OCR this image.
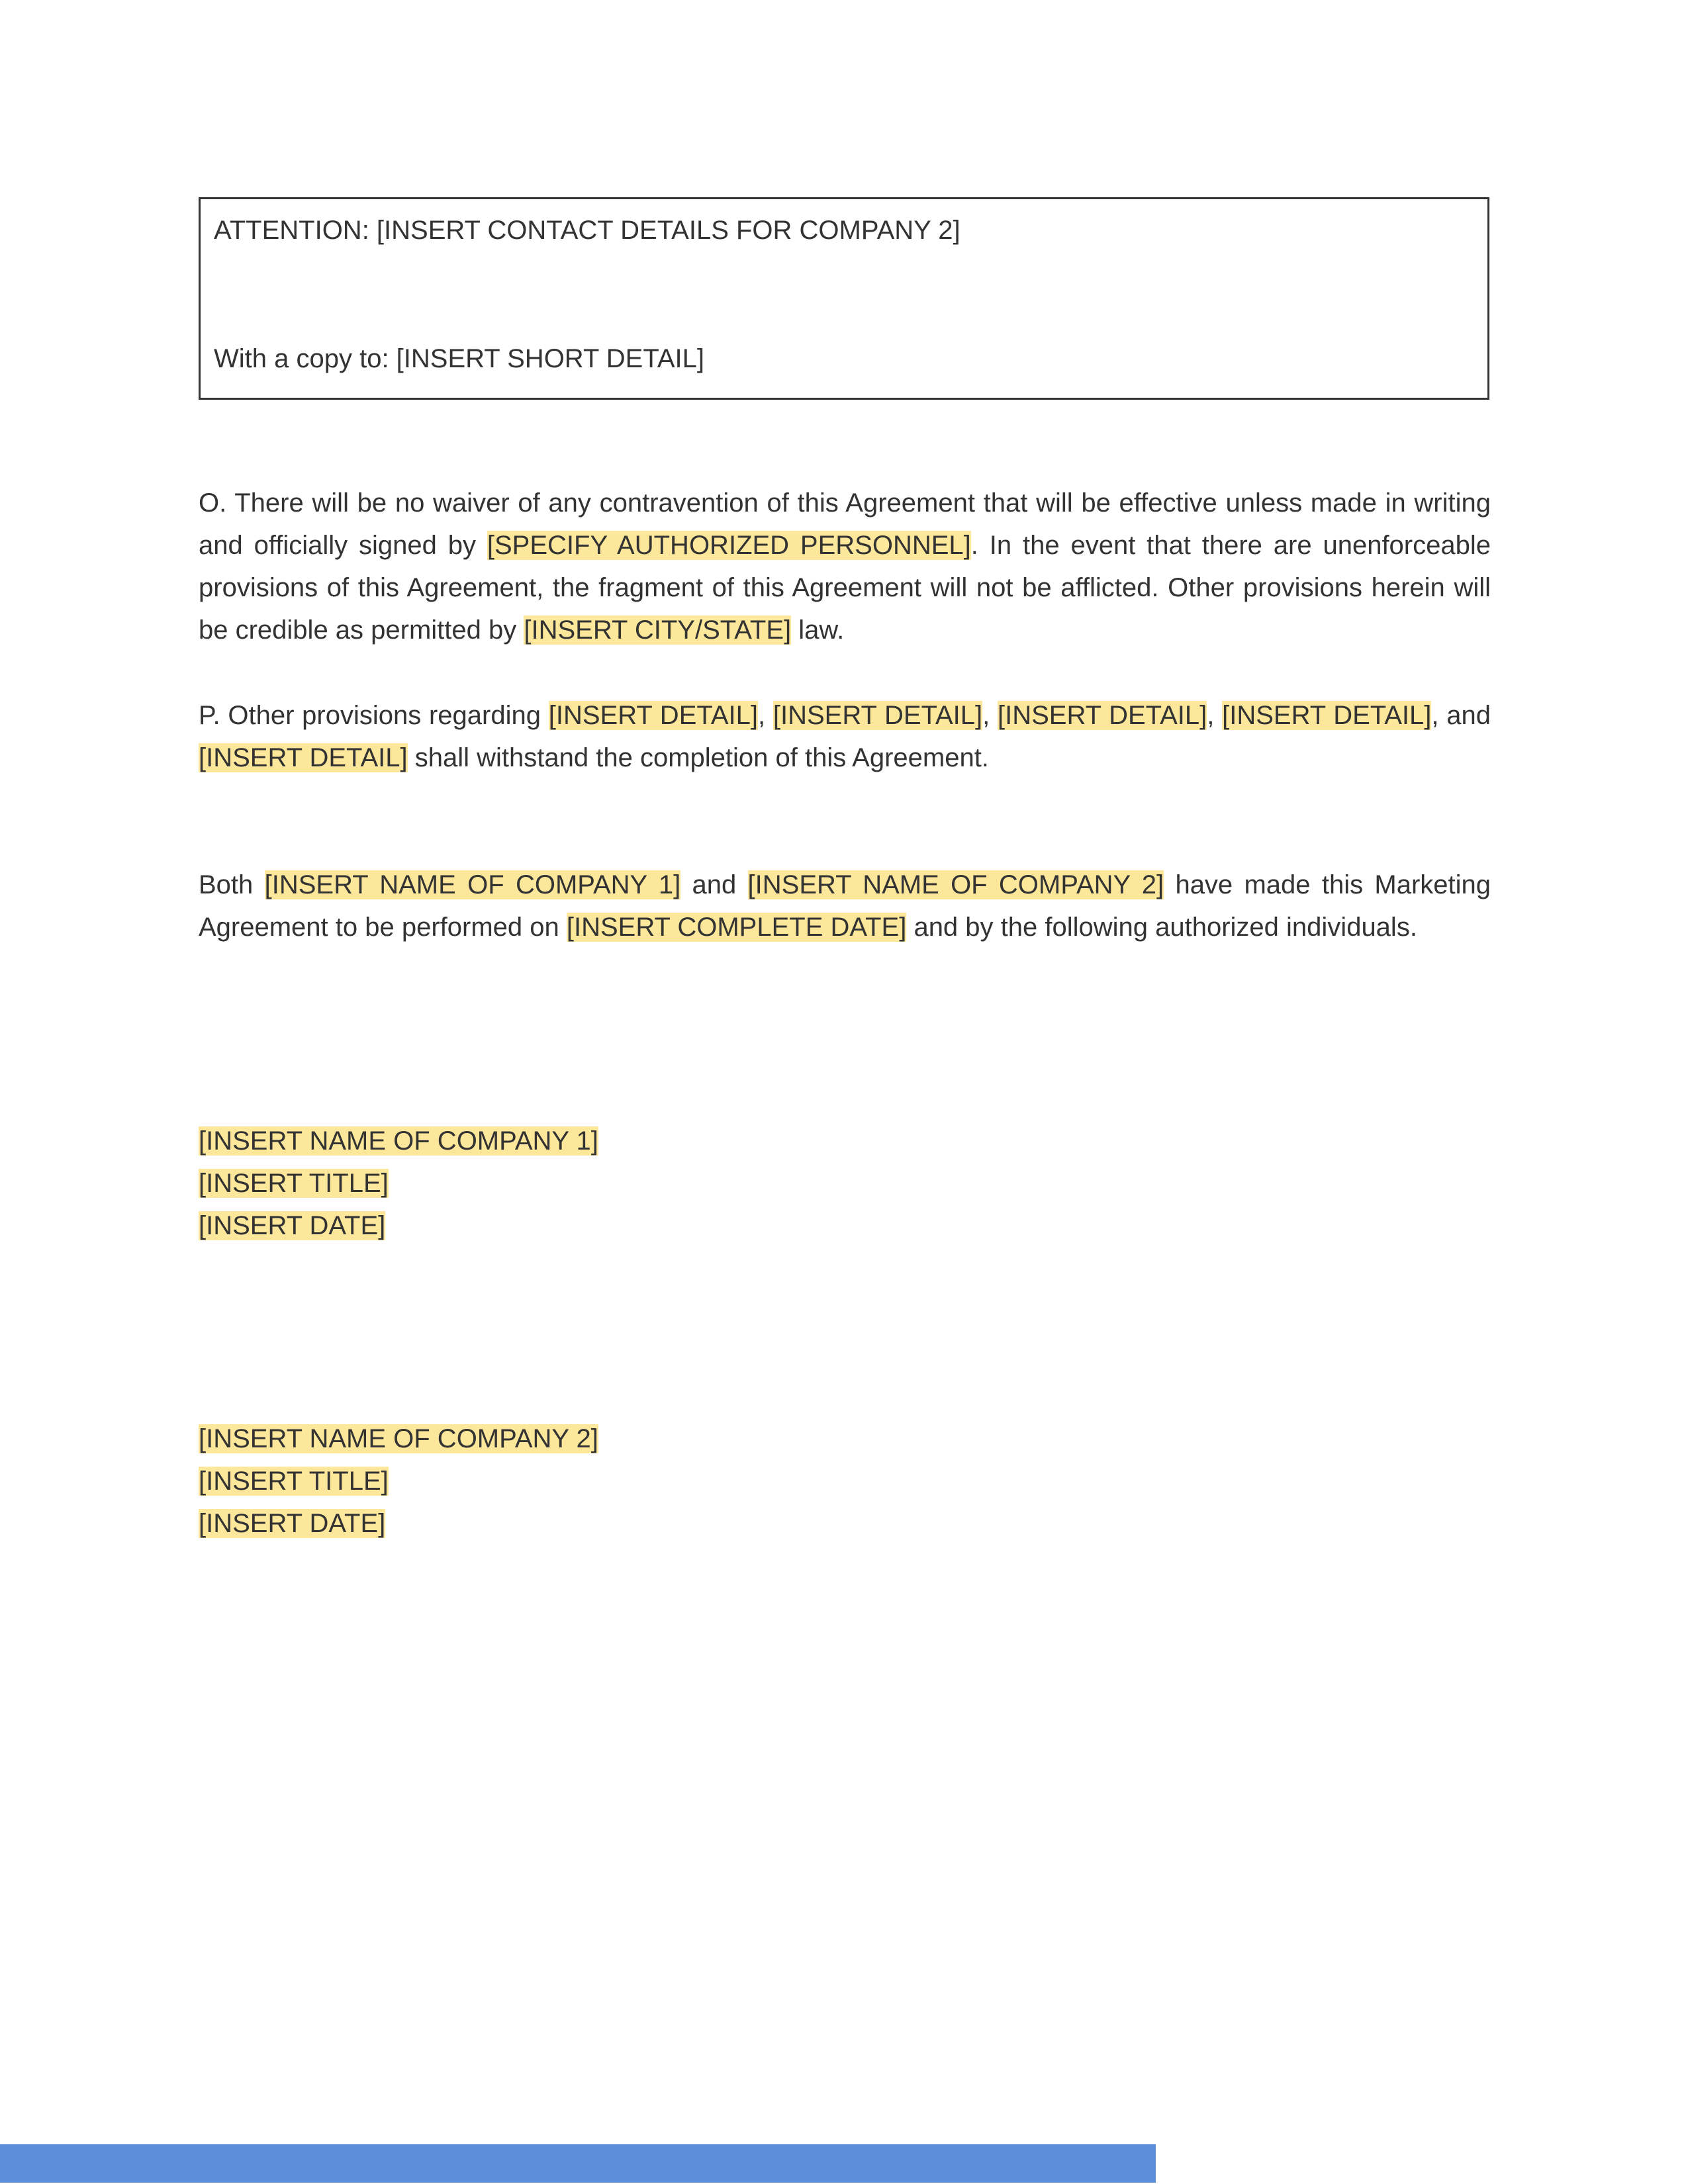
ATTENTION: [INSERT CONTACT DETAILS FOR COMPANY 2]
With a copy to: [INSERT SHORT DETAIL]

O. There will be no waiver of any contravention of this Agreement that will be effective unless made in writing and officially signed by [SPECIFY AUTHORIZED PERSONNEL]. In the event that there are unenforceable provisions of this Agreement, the fragment of this Agreement will not be afflicted. Other provisions herein will be credible as permitted by [INSERT CITY/STATE] law.

P. Other provisions regarding [INSERT DETAIL], [INSERT DETAIL], [INSERT DETAIL], [INSERT DETAIL], and [INSERT DETAIL] shall withstand the completion of this Agreement.

Both [INSERT NAME OF COMPANY 1] and [INSERT NAME OF COMPANY 2] have made this Marketing Agreement to be performed on [INSERT COMPLETE DATE] and by the following authorized individuals.

[INSERT NAME OF COMPANY 1]
[INSERT TITLE]
[INSERT DATE]
[INSERT NAME OF COMPANY 2]
[INSERT TITLE]
[INSERT DATE]
